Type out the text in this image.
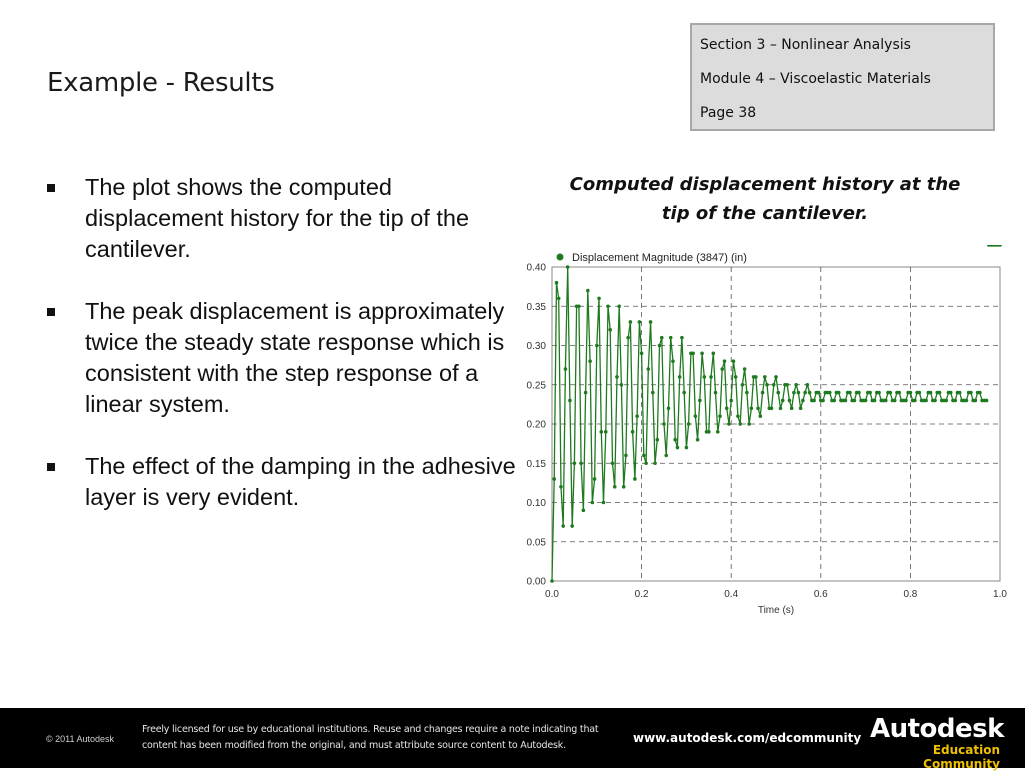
Example - Results
Section 3 – Nonlinear Analysis
Module 4 – Viscoelastic Materials
Page 38
The plot shows the computed displacement history for the tip of the cantilever.
The peak displacement is approximately twice the steady state response which is consistent with the step response of a linear system.
The effect of the damping in the adhesive layer is very evident.
Computed displacement history at the tip of the cantilever.
0.00
0.05
0.10
0.15
0.20
0.25
0.30
0.35
0.40
0.0	0.2	0.4	0.6	0.8	1.0
Time (s)
Displacement Magnitude (3847) (in)
© 2011 Autodesk
Freely licensed for use by educational institutions. Reuse and changes require a note indicating that content has been modified from the original, and must attribute source content to Autodesk.
www.autodesk.com/edcommunity Autodesk
Education Community
